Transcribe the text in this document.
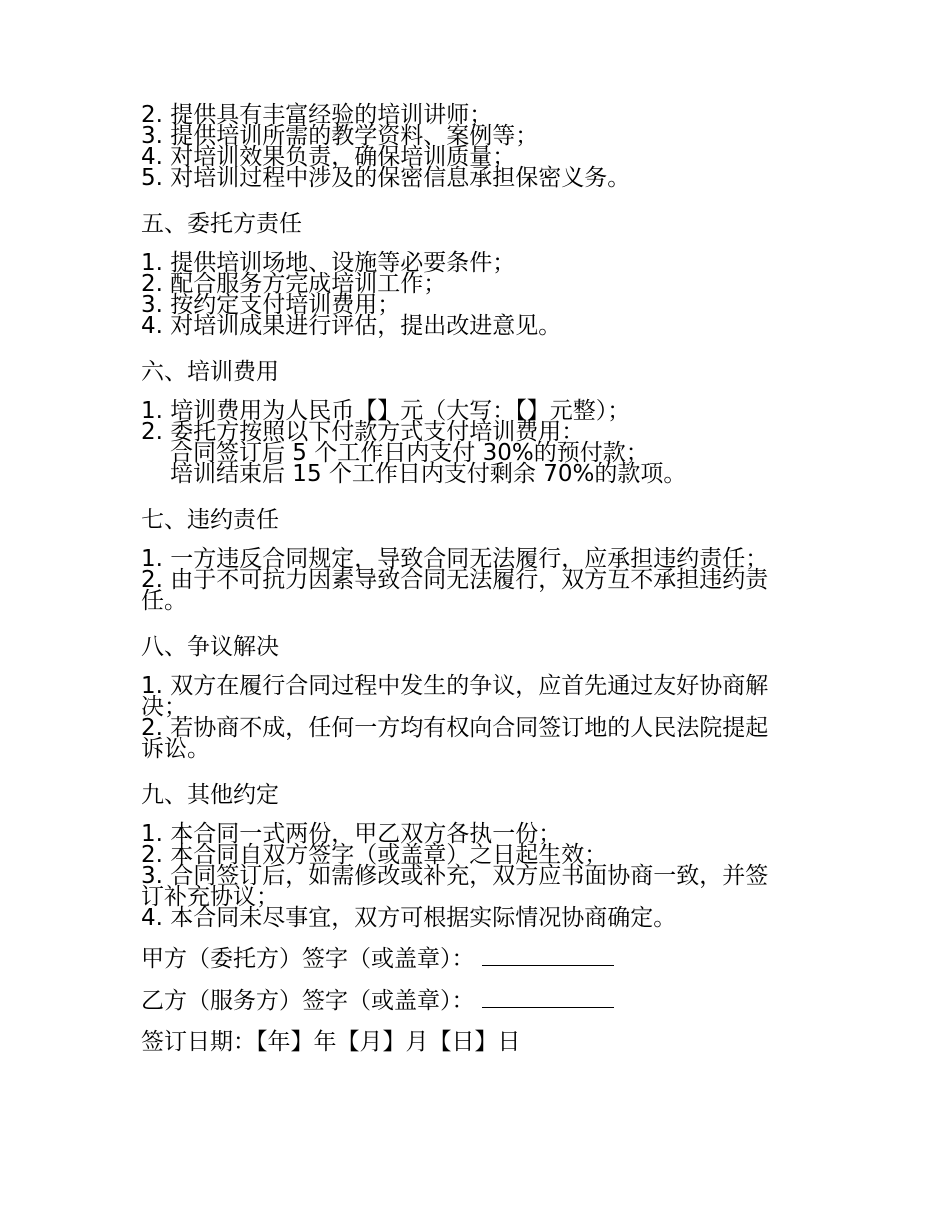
2. 提供具有丰富经验的培训讲师；

3. 提供培训所需的教学资料、案例等；

4. 对培训效果负责，确保培训质量；

5. 对培训过程中涉及的保密信息承担保密义务。

五、委托方责任

1. 提供培训场地、设施等必要条件；

2. 配合服务方完成培训工作；

3. 按约定支付培训费用；

4. 对培训成果进行评估，提出改进意见。

六、培训费用

1. 培训费用为人民币【】元（大写：【】元整）；

2. 委托方按照以下付款方式支付培训费用：

合同签订后 5 个工作日内支付 30%的预付款；

培训结束后 15 个工作日内支付剩余 70%的款项。

七、违约责任

1. 一方违反合同规定，导致合同无法履行，应承担违约责任；

2. 由于不可抗力因素导致合同无法履行，双方互不承担违约责任。

八、争议解决

1. 双方在履行合同过程中发生的争议，应首先通过友好协商解决；

2. 若协商不成，任何一方均有权向合同签订地的人民法院提起诉讼。

九、其他约定

1. 本合同一式两份，甲乙双方各执一份；

2. 本合同自双方签字（或盖章）之日起生效；

3. 合同签订后，如需修改或补充，双方应书面协商一致，并签订补充协议；

4. 本合同未尽事宜，双方可根据实际情况协商确定。

甲方（委托方）签字（或盖章）：

乙方（服务方）签字（或盖章）：

签订日期：【年】年【月】月【日】日
